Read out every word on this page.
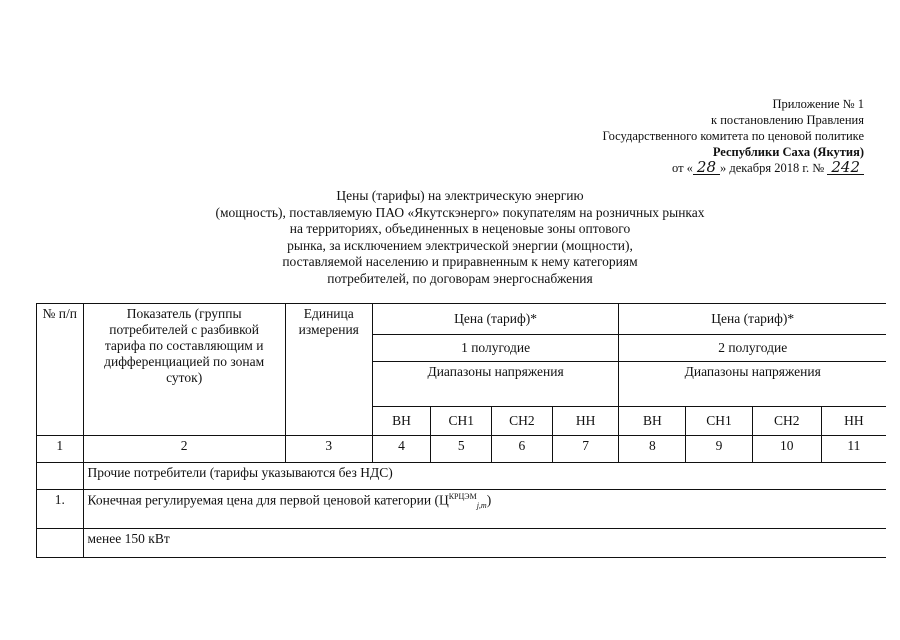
Приложение № 1
к постановлению Правления
Государственного комитета по ценовой политике
Республики Саха (Якутия)
от « 28 » декабря 2018 г. № 242
Цены (тарифы) на электрическую энергию
(мощность), поставляемую ПАО «Якутскэнерго» покупателям на розничных рынках
на территориях, объединенных в неценовые зоны оптового
рынка, за исключением электрической энергии (мощности),
поставляемой населению и приравненным к нему категориям
потребителей, по договорам энергоснабжения
№ п/п	Показатель (группы потребителей с разбивкой тарифа по составляющим и дифференциацией по зонам суток)	Единица измерения	Цена (тариф)*				Цена (тариф)*			
			1 полугодие				2 полугодие			
			Диапазоны напряжения				Диапазоны напряжения			
			ВН	СН1	СН2	НН	ВН	СН1	СН2	НН
1	2	3	4	5	6	7	8	9	10	11
	Прочие потребители (тарифы указываются без НДС)									
1.	Конечная регулируемая цена для первой ценовой категории $(Ц^{КРЦЭМ}_{j,m})$									
	менее 150 кВт									
